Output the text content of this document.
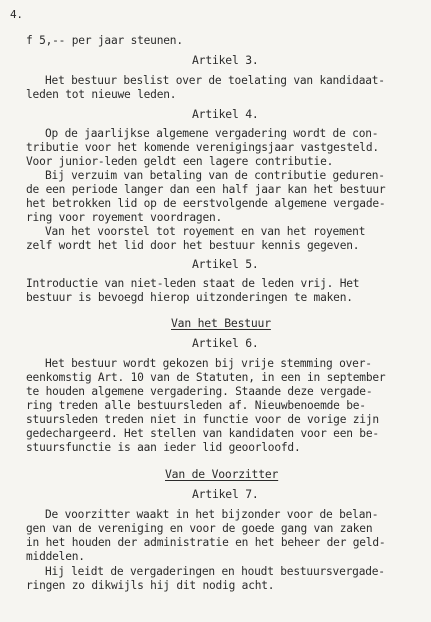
4.
f 5,-- per jaar steunen.
Artikel 3.
Het bestuur beslist over de toelating van kandidaat-
leden tot nieuwe leden.
Artikel 4.
Op de jaarlijkse algemene vergadering wordt de con-
tributie voor het komende verenigingsjaar vastgesteld.
Voor junior-leden geldt een lagere contributie.
Bij verzuim van betaling van de contributie geduren-
de een periode langer dan een half jaar kan het bestuur
het betrokken lid op de eerstvolgende algemene vergade-
ring voor royement voordragen.
Van het voorstel tot royement en van het royement
zelf wordt het lid door het bestuur kennis gegeven.
Artikel 5.
Introductie van niet-leden staat de leden vrij. Het
bestuur is bevoegd hierop uitzonderingen te maken.
Van het Bestuur
Artikel 6.
Het bestuur wordt gekozen bij vrije stemming over-
eenkomstig Art. 10 van de Statuten, in een in september
te houden algemene vergadering. Staande deze vergade-
ring treden alle bestuursleden af. Nieuwbenoemde be-
stuursleden treden niet in functie voor de vorige zijn
gedechargeerd. Het stellen van kandidaten voor een be-
stuursfunctie is aan ieder lid geoorloofd.
Van de Voorzitter
Artikel 7.
De voorzitter waakt in het bijzonder voor de belan-
gen van de vereniging en voor de goede gang van zaken
in het houden der administratie en het beheer der geld-
middelen.
Hij leidt de vergaderingen en houdt bestuursvergade-
ringen zo dikwijls hij dit nodig acht.
